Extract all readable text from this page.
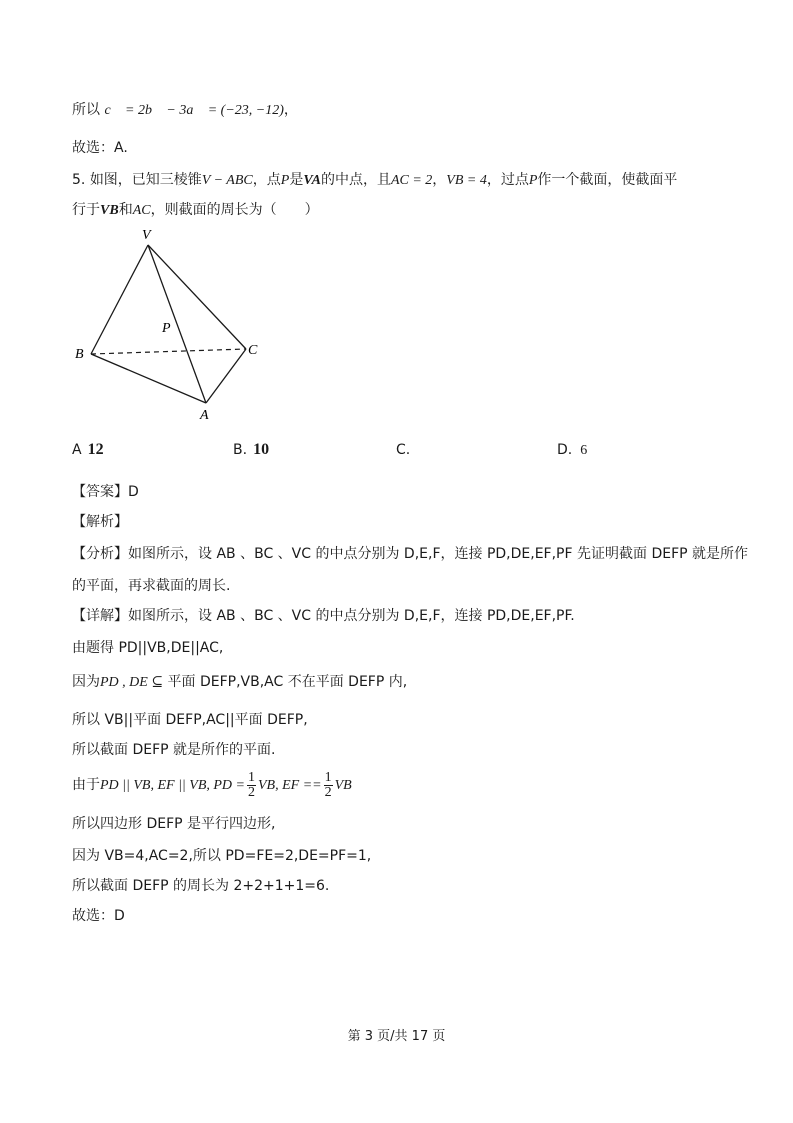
所以 c⃗ = 2b⃗ − 3a⃗ = (−23, −12)，
故选：A.
5. 如图，已知三棱锥V − ABC，点P是VA的中点，且AC = 2，VB = 4，过点P作一个截面，使截面平
行于VB和AC，则截面的周长为（　　）
V
P
B	C
A
A 12	B. 10	C.	D. 6
【答案】D
【解析】
【分析】如图所示，设 AB 、BC 、VC 的中点分别为 D,E,F，连接 PD,DE,EF,PF 先证明截面 DEFP 就是所作
的平面，再求截面的周长.
【详解】如图所示，设 AB 、BC 、VC 的中点分别为 D,E,F，连接 PD,DE,EF,PF.
由题得 PD||VB,DE||AC,
因为PD , DE ⊆ 平面 DEFP,VB,AC 不在平面 DEFP 内,
所以 VB||平面 DEFP,AC||平面 DEFP,
所以截面 DEFP 就是所作的平面.
由于PD || VB, EF || VB, PD = $\frac{1}{2}$ VB, EF == $\frac{1}{2}$ VB
所以四边形 DEFP 是平行四边形,
因为 VB=4,AC=2,所以 PD=FE=2,DE=PF=1,
所以截面 DEFP 的周长为 2+2+1+1=6.
故选：D
第 3 页/共 17 页
